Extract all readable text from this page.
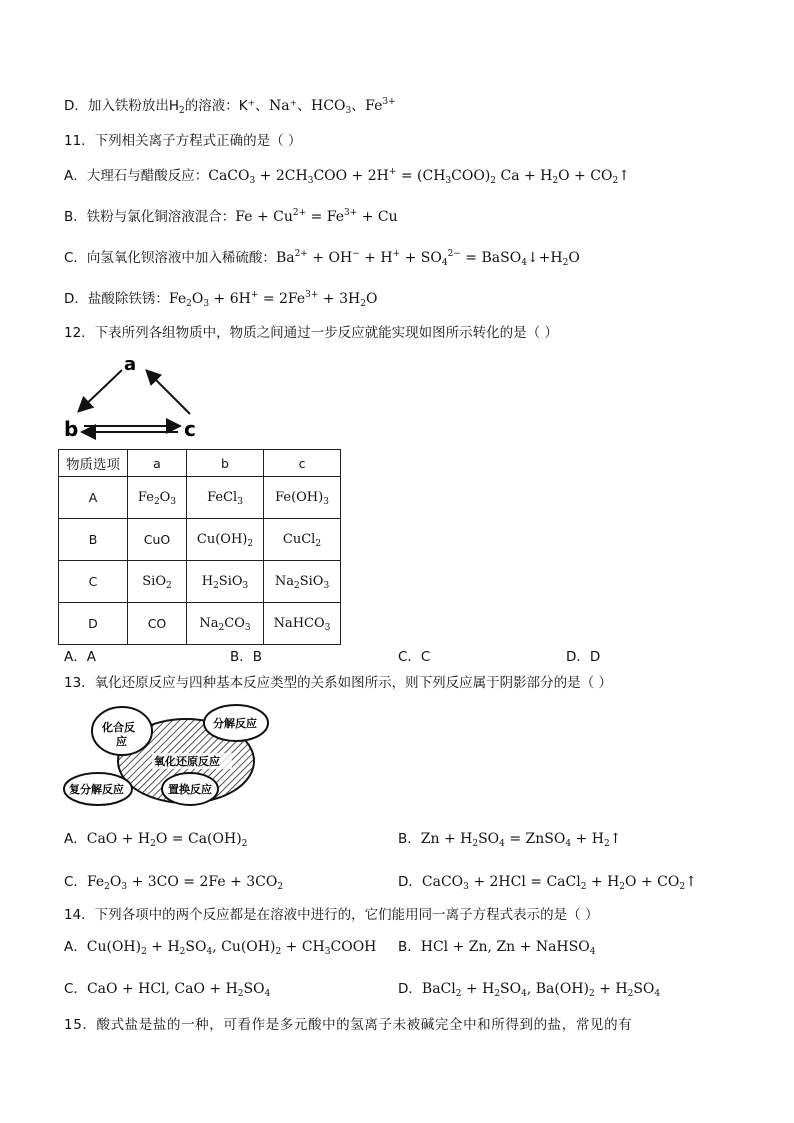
D．加入铁粉放出$H_2$的溶液：K⁺、Na⁺、$HCO_3$、$Fe^{3+}$
11．下列相关离子方程式正确的是（ ）
A．大理石与醋酸反应：CaCO$_3$ + $2CH_3COO + 2H^+ = (CH_3COO)_2$ $Ca + H_2O$ + $CO_2↑$
B．铁粉与氯化铜溶液混合：$Fe + Cu^{2+} = Fe^{3+} + Cu$
C．向氢氧化钡溶液中加入稀硫酸：$Ba^{2+} + OH^- + H^+ + SO_4^{2-}$ = $BaSO_4↓+H_2O$
D．盐酸除铁锈：$Fe_2O_3 + 6H^+ = 2Fe^{3+} + 3H_2O$
12．下表所列各组物质中，物质之间通过一步反应就能实现如图所示转化的是（ ）
a
b	c
物质选项	a	b	c
A	$Fe_2O_3$	FeCl$_3$	$Fe(OH)_3$
B	CuO	$Cu(OH)_2$	CuCl$_2$
C	SiO$_2$	$H_2SiO_3$	$Na_2SiO_3$
D	CO	$Na_2CO_3$	NaHCO$_3$
A．A	B．B	C．C	D．D
13．氧化还原反应与四种基本反应类型的关系如图所示，则下列反应属于阴影部分的是（ ）
化合反
应
分解反应
氧化还原反应
复分解反应	置换反应
A．CaO + $H_2O = Ca(OH)_2$	B．$Zn + H_2SO_4$ = ZnSO$_4$ + $H_2↑$
C．$Fe_2O_3 + 3CO = 2Fe + 3CO_2$	D．CaCO$_3$ + 2HCl = CaCl$_2$ + $H_2O$ + $CO_2↑$
14．下列各项中的两个反应都是在溶液中进行的，它们能用同一离子方程式表示的是（ ）
A．$Cu(OH)_2 + H_2SO_4$, $Cu(OH)_2$ + $CH_3COOH$ B．HCl + Zn, Zn + NaHSO$_4$
C．CaO + HCl, CaO + $H_2SO_4$	D．BaCl$_2$ + $H_2SO_4$, $Ba(OH)_2 + H_2SO_4$
15．酸式盐是盐的一种，可看作是多元酸中的氢离子未被碱完全中和所得到的盐，常见的有
